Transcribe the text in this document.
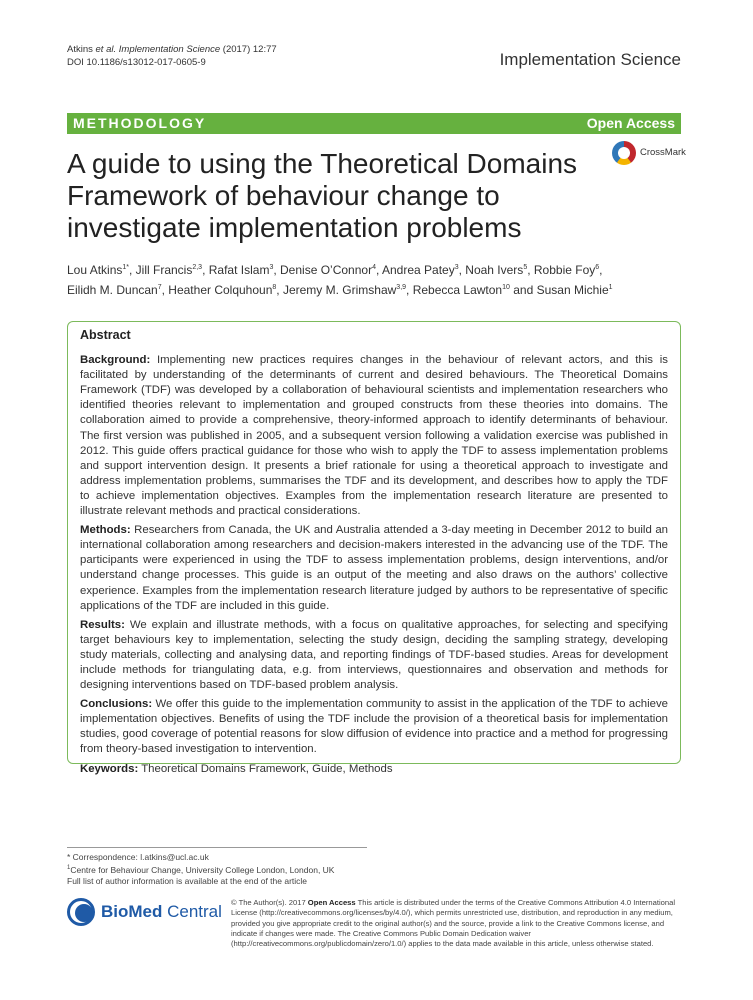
Atkins et al. Implementation Science (2017) 12:77
DOI 10.1186/s13012-017-0605-9	Implementation Science
METHODOLOGY	Open Access
CrossMark
A guide to using the Theoretical Domains Framework of behaviour change to investigate implementation problems
Lou Atkins$^{1*}$, Jill Francis$^{2,3}$, Rafat Islam$^3$, Denise O’Connor$^4$, Andrea Patey$^3$, Noah Ivers$^5$, Robbie Foy$^6$,
Eilidh M. Duncan$^7$, Heather Colquhoun$^8$, Jeremy M. Grimshaw$^{3,9}$, Rebecca Lawton$^{10}$ and Susan Michie$^1$
Abstract

Background: Implementing new practices requires changes in the behaviour of relevant actors, and this is facilitated by understanding of the determinants of current and desired behaviours. The Theoretical Domains Framework (TDF) was developed by a collaboration of behavioural scientists and implementation researchers who identified theories relevant to implementation and grouped constructs from these theories into domains. The collaboration aimed to provide a comprehensive, theory-informed approach to identify determinants of behaviour. The first version was published in 2005, and a subsequent version following a validation exercise was published in 2012. This guide offers practical guidance for those who wish to apply the TDF to assess implementation problems and support intervention design. It presents a brief rationale for using a theoretical approach to investigate and address implementation problems, summarises the TDF and its development, and describes how to apply the TDF to achieve implementation objectives. Examples from the implementation research literature are presented to illustrate relevant methods and practical considerations.

Methods: Researchers from Canada, the UK and Australia attended a 3-day meeting in December 2012 to build an international collaboration among researchers and decision-makers interested in the advancing use of the TDF. The participants were experienced in using the TDF to assess implementation problems, design interventions, and/or understand change processes. This guide is an output of the meeting and also draws on the authors’ collective experience. Examples from the implementation research literature judged by authors to be representative of specific applications of the TDF are included in this guide.

Results: We explain and illustrate methods, with a focus on qualitative approaches, for selecting and specifying target behaviours key to implementation, selecting the study design, deciding the sampling strategy, developing study materials, collecting and analysing data, and reporting findings of TDF-based studies. Areas for development include methods for triangulating data, e.g. from interviews, questionnaires and observation and methods for designing interventions based on TDF-based problem analysis.

Conclusions: We offer this guide to the implementation community to assist in the application of the TDF to achieve implementation objectives. Benefits of using the TDF include the provision of a theoretical basis for implementation studies, good coverage of potential reasons for slow diffusion of evidence into practice and a method for progressing from theory-based investigation to intervention.

Keywords: Theoretical Domains Framework, Guide, Methods

* Correspondence: l.atkins@ucl.ac.uk
$^1$Centre for Behaviour Change, University College London, London, UK
Full list of author information is available at the end of the article
BioMed Central © The Author(s). 2017 Open Access This article is distributed under the terms of the Creative Commons Attribution 4.0 International License (http://creativecommons.org/licenses/by/4.0/), which permits unrestricted use, distribution, and reproduction in any medium, provided you give appropriate credit to the original author(s) and the source, provide a link to the Creative Commons license, and indicate if changes were made. The Creative Commons Public Domain Dedication waiver (http://creativecommons.org/publicdomain/zero/1.0/) applies to the data made available in this article, unless otherwise stated.
